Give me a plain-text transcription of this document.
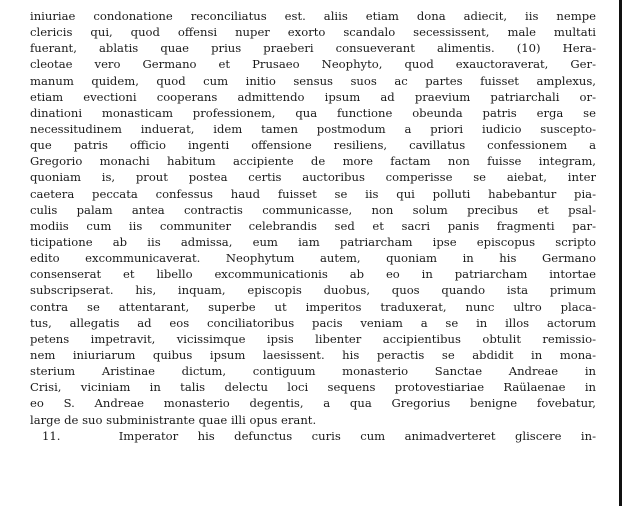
iniuriae condonatione reconciliatus est. aliis etiam dona adiecit, iis nempe
clericis qui, quod offensi nuper exorto scandalo secessissent, male multati
fuerant, ablatis quae prius praeberi consueverant alimentis. (10) Hera-
cleotae vero Germano et Prusaeo Neophyto, quod exauctoraverat, Ger-
manum quidem, quod cum initio sensus suos ac partes fuisset amplexus,
etiam evectioni cooperans admittendo ipsum ad praevium patriarchali or-
dinationi monasticam professionem, qua functione obeunda patris erga se
necessitudinem induerat, idem tamen postmodum a priori iudicio suscepto-
que patris officio ingenti offensione resiliens, cavillatus confessionem a
Gregorio monachi habitum accipiente de more factam non fuisse integram,
quoniam is, prout postea certis auctoribus comperisse se aiebat, inter
caetera peccata confessus haud fuisset se iis qui polluti habebantur pia-
culis palam antea contractis communicasse, non solum precibus et psal-
modiis cum iis communiter celebrandis sed et sacri panis fragmenti par-
ticipatione ab iis admissa, eum iam patriarcham ipse episcopus scripto
edito excommunicaverat. Neophytum autem, quoniam in his Germano
consenserat et libello excommunicationis ab eo in patriarcham intortae
subscripserat. his, inquam, episcopis duobus, quos quando ista primum
contra se attentarant, superbe ut imperitos traduxerat, nunc ultro placa-
tus, allegatis ad eos conciliatoribus pacis veniam a se in illos actorum
petens impetravit, vicissimque ipsis libenter accipientibus obtulit remissio-
nem iniuriarum quibus ipsum laesissent. his peractis se abdidit in mona-
sterium Aristinae dictum, contiguum monasterio Sanctae Andreae in
Crisi, viciniam in talis delectu loci sequens protovestiariae Raülaenae in
eo S. Andreae monasterio degentis, a qua Gregorius benigne fovebatur,
large de suo subministrante quae illi opus erant.
11.	Imperator his defunctus curis cum animadverteret gliscere in-
